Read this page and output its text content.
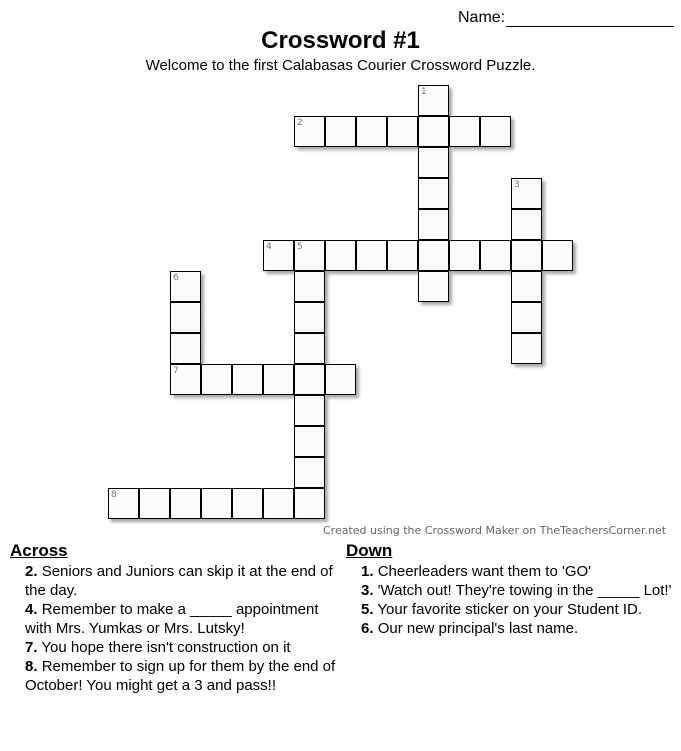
Name:
Crossword #1
Welcome to the first Calabasas Courier Crossword Puzzle.
1
2
3
4	5
6
7
8
Created using the Crossword Maker on TheTeachersCorner.net
Across
2. Seniors and Juniors can skip it at the end of the day.
4. Remember to make a _____ appointment with Mrs. Yumkas or Mrs. Lutsky!
7. You hope there isn't construction on it
8. Remember to sign up for them by the end of October! You might get a 3 and pass!!
Down
1. Cheerleaders want them to 'GO'
3. 'Watch out! They're towing in the _____ Lot!'
5. Your favorite sticker on your Student ID.
6. Our new principal's last name.
